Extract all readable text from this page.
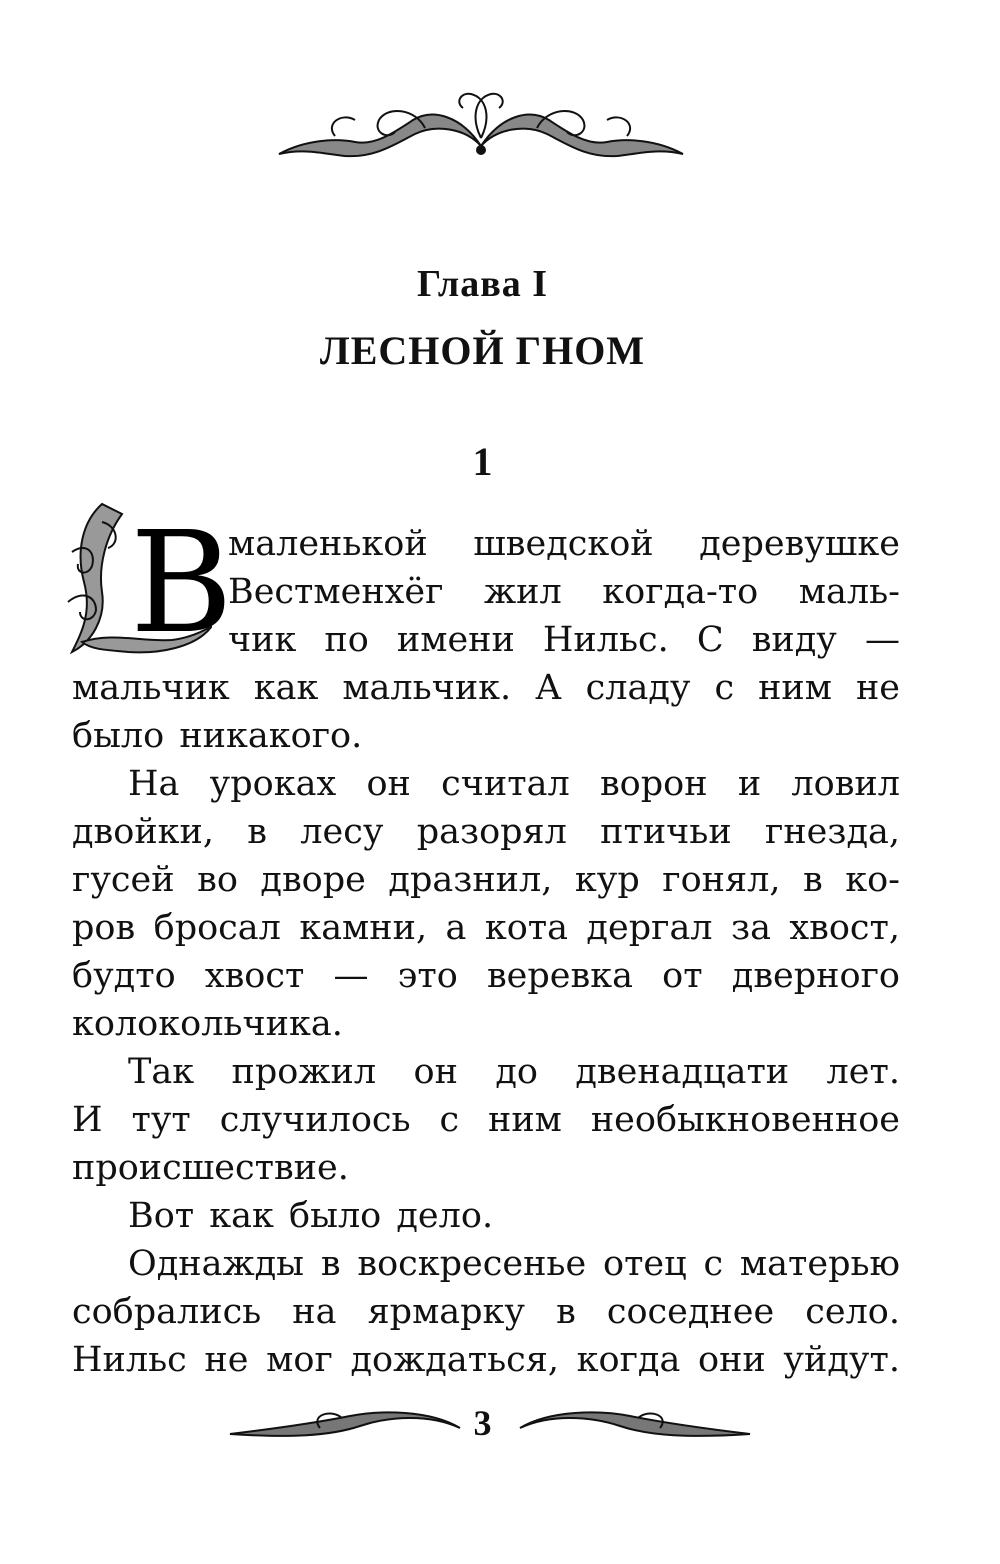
Глава I
ЛЕСНОЙ ГНОМ
1
В
маленькой шведской деревушке
Вестменхёг жил когда-то маль-
чик по имени Нильс. С виду —
мальчик как мальчик. А сладу с ним не
было никакого.
На уроках он считал ворон и ловил
двойки, в лесу разорял птичьи гнезда,
гусей во дворе дразнил, кур гонял, в ко-
ров бросал камни, а кота дергал за хвост,
будто хвост — это веревка от дверного
колокольчика.
Так прожил он до двенадцати лет.
И тут случилось с ним необыкновенное
происшествие.
Вот как было дело.
Однажды в воскресенье отец с матерью
собрались на ярмарку в соседнее село.
Нильс не мог дождаться, когда они уйдут.
3
